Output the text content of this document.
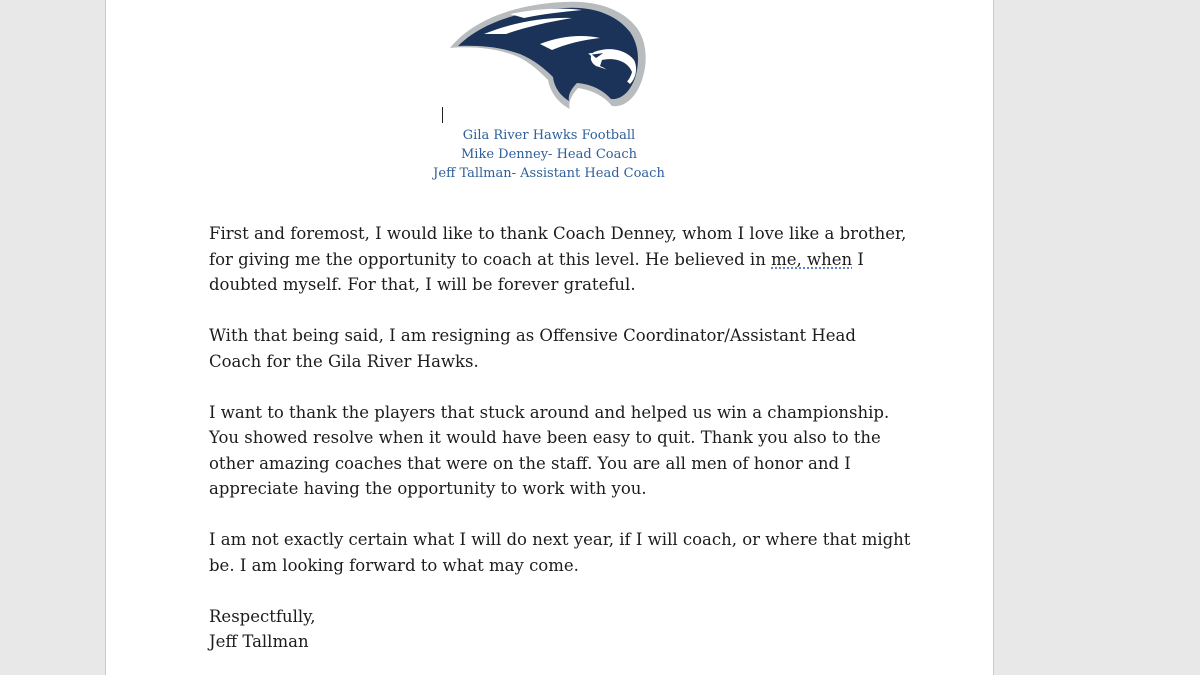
Gila River Hawks Football
Mike Denney- Head Coach
Jeff Tallman- Assistant Head Coach
First and foremost, I would like to thank Coach Denney, whom I love like a brother,
for giving me the opportunity to coach at this level. He believed in me, when I
doubted myself. For that, I will be forever grateful.
With that being said, I am resigning as Offensive Coordinator/Assistant Head
Coach for the Gila River Hawks.
I want to thank the players that stuck around and helped us win a championship.
You showed resolve when it would have been easy to quit. Thank you also to the
other amazing coaches that were on the staff. You are all men of honor and I
appreciate having the opportunity to work with you.
I am not exactly certain what I will do next year, if I will coach, or where that might
be. I am looking forward to what may come.
Respectfully,
Jeff Tallman
